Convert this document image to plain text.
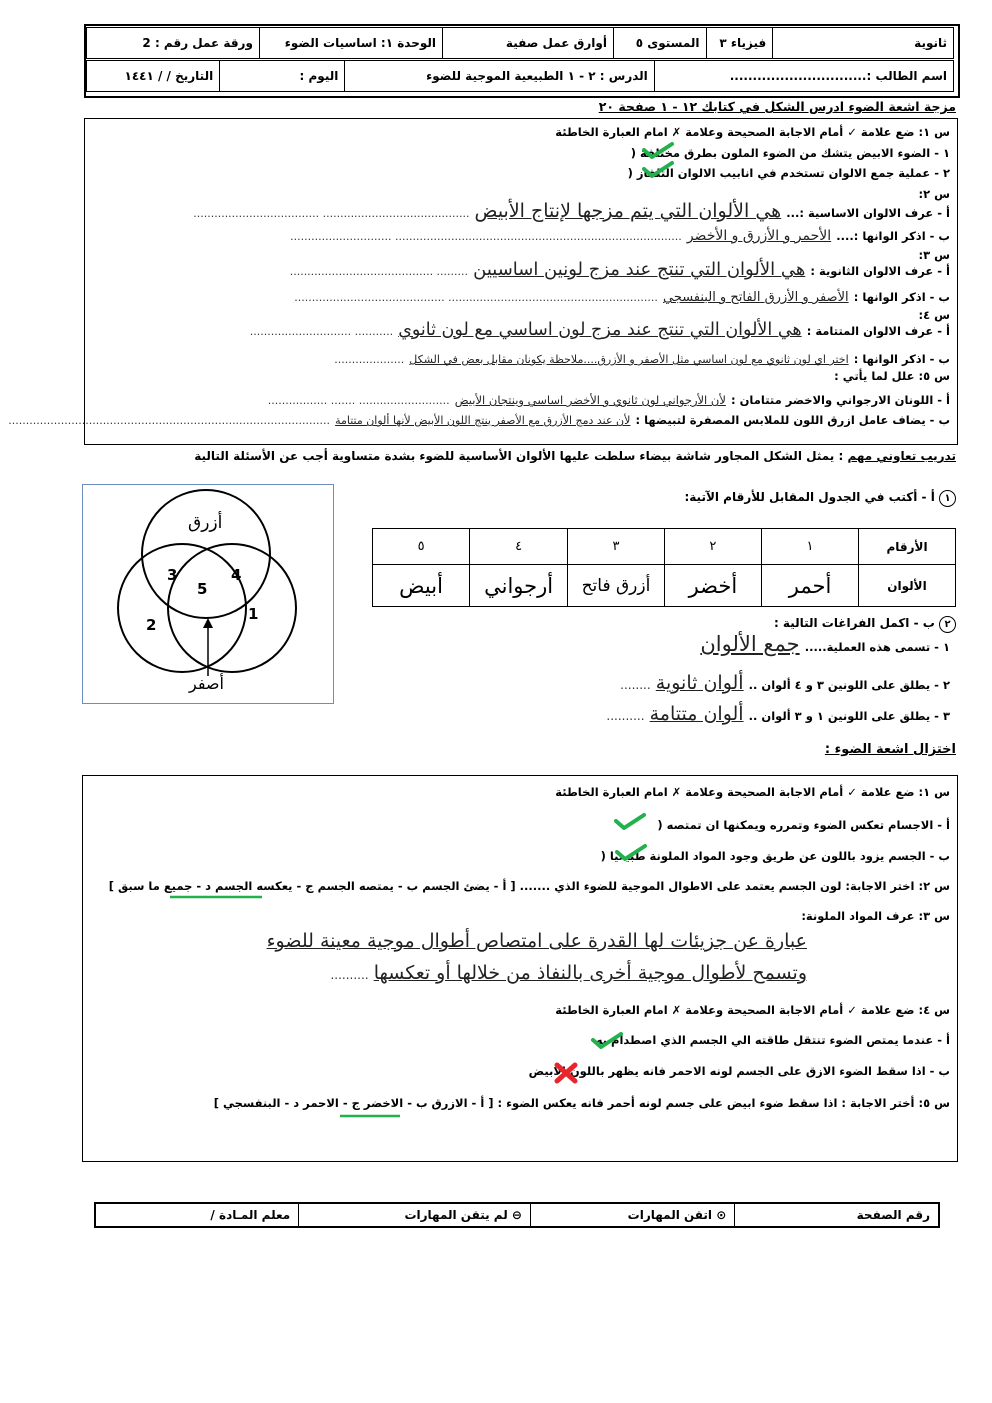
ثانوية	فيزياء ٣	المستوى ٥	أوارق عمل صفية	الوحدة ١: اساسيات الضوء	ورقة عمل رقم : 2
اسم الطالب :..............................	الدرس : ٢ - ١ الطبيعية الموجية للضوء	اليوم :	التاريخ / / ١٤٤١
مزجة اشعة الضوء ادرس الشكل في كتابك ١٢ - ١ صفحة ٢٠
س ١: ضع علامة ✓ أمام الاجابة الصحيحة وعلامة ✗ امام العبارة الخاطئة
١ - الضوء الابيض يتشك من الضوء الملون بطرق مختلفة (
٢ - عملية جمع الالوان تستخدم في انابيب الالوان التلفاز (
س ٢:
أ - عرف الالوان الاساسية :... هي الألوان التي يتم مزجها لإنتاج الأبيض .......................................... ....................................
ب - اذكر الوانها :.... الأحمر و الأزرق و الأخضر .................................................................................. .............................
س ٣:
أ - عرف الالوان الثانوية : هي الألوان التي تنتج عند مزج لونين اساسيين ......... .........................................
ب - اذكر الوانها : الأصفر و الأزرق الفاتح و البنفسجي ............................................................ ...........................................
س ٤:
أ - عرف الالوان المتتامة : هي الألوان التي تنتج عند مزج لون اساسي مع لون ثانوي ........... .............................
ب - اذكر الوانها : اختر اي لون ثانوي مع لون اساسي مثل الأصفر و الأزرق....ملاحظة يكونان مقابل بعض في الشكل ....................
س ٥: علل لما يأتي :
أ - اللونان الارجواني والاخضر متتامان : لأن الأرجواني لون ثانوي و الأخضر اساسي وينتجان الأبيض .......................... ....... .................
ب - يضاف عامل ازرق اللون للملابس المصفرة لتبيضها : لأن عند دمج الأزرق مع الأصفر ينتج اللون الأبيض لأنها ألوان متتامة ............................................................................................
تدريب تعاوني مهم : يمثل الشكل المجاور شاشة بيضاء سلطت عليها الألوان الأساسية للضوء بشدة متساوية أجب عن الأسئلة التالية
أزرق
3	4
5
2
1
أصفر
١ أ - أكتب في الجدول المقابل للأرقام الآتية:
الأرقام	١	٢	٣	٤	٥
الألوان	أحمر	أخضر	أزرق فاتح	أرجواني	أبيض
٢ ب - اكمل الفراغات التالية :
١ - تسمى هذه العملية..... جمع الألوان
٢ - يطلق على اللونين ٣ و ٤ ألوان .. ألوان ثانوية ........
٣ - يطلق على اللونين ١ و ٣ ألوان .. ألوان متتامة ..........
اختزال اشعة الضوء :
س ١: ضع علامة ✓ أمام الاجابة الصحيحة وعلامة ✗ امام العبارة الخاطئة
أ - الاجسام تعكس الضوء وتمرره ويمكنها ان تمتصه (
ب - الجسم يزود باللون عن طريق وجود المواد الملونة طبيعيا (
س ٢: اختر الاجابة: لون الجسم يعتمد على الاطوال الموجية للضوء الذي ....... [ أ - يضئ الجسم ب - يمتصه الجسم ج - يعكسه الجسم د - جميع ما سبق ]
س ٣: عرف المواد الملونة:
عبارة عن جزيئات لها القدرة على امتصاص أطوال موجية معينة للضوء
وتسمح لأطوال موجية أخرى بالنفاذ من خلالها أو تعكسها ..........
س ٤: ضع علامة ✓ أمام الاجابة الصحيحة وعلامة ✗ امام العبارة الخاطئة
أ - عندما يمتص الضوء تنتقل طاقته الي الجسم الذي اصطدام به
ب - اذا سقط الضوء الازق على الجسم لونه الاحمر فانه يظهر باللون الابيض
س ٥: أختر الاجابة : اذا سقط ضوء ابيض على جسم لونه أحمر فانه يعكس الضوء : [ أ - الازرق ب - الاخضر ج - الاحمر د - البنفسجي ]
رقم الصفحة	⊙ اتقن المهارات	⊖ لم يتقن المهارات	معلم المـادة /
